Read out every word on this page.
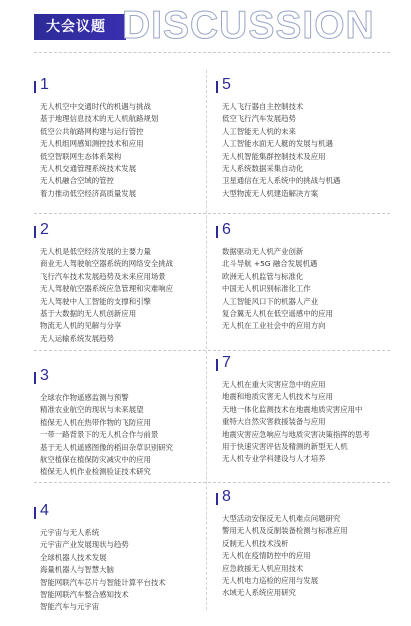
大会议题 DISCUSSION
1
无人机空中交通时代的机遇与挑战
基于地理信息技术的无人机航路规划
低空公共航路网构建与运行管控
无人机组网感知测控技术和应用
低空智联网生态体系架构
无人机交通管理系统技术发展
无人机融合空域的管控
着力推动低空经济高质量发展
2
无人机是低空经济发展的主要力量
商业无人驾驶航空器系统的网络安全挑战
飞行汽车技术发展趋势及未来应用场景
无人驾驶航空器系统应急管理和灾难响应
无人驾驶中人工智能的支撑和引擎
基于大数据的无人机创新应用
物流无人机的见解与分享
无人运输系统发展趋势
3
全球农作物遥感监测与预警
精准农业航空的现状与未来展望
植保无人机在热带作物的飞防应用
一带一路背景下的无人机合作与前景
基于无人机遥感图像的稻田杂草识别研究
航空植保在植保防灾减灾中的应用
植保无人机作业检测验证技术研究
4
元宇宙与无人系统
元宇宙产业发展现状与趋势
全球机器人技术发展
海量机器人与智慧大脑
智能网联汽车芯片与智能计算平台技术
智能网联汽车整合感知技术
智能汽车与元宇宙
5
无人飞行器自主控制技术
低空飞行汽车发展趋势
人工智能无人机的未来
人工智能水面无人艇的发展与机遇
无人机智能集群控制技术及应用
无人系统数据采集自动化
卫星通信在无人系统中的挑战与机遇
大型物流无人机建造解决方案
6
数据驱动无人机产业创新
北斗导航 +5G 融合发展机遇
欧洲无人机监管与标准化
中国无人机识别标准化工作
人工智能风口下的机器人产业
复合翼无人机在低空遥感中的应用
无人机在工业社会中的应用方向
7
无人机在重大灾害应急中的应用
地震和地质灾害无人机技术与应用
天地一体化监测技术在地震地质灾害应用中
重特大自然灾害救援装备与应用
地震灾害应急响应与地质灾害决策指挥的思考
用于快速灾害评估及精测的新型无人机
无人机专业学科建设与人才培养
8
大型活动安保反无人机难点问题研究
警用无人机及反制装备检测与标准应用
反制无人机技术浅析
无人机在疫情防控中的应用
应急救援无人机应用技术
无人机电力巡检的应用与发展
水域无人系统应用研究
